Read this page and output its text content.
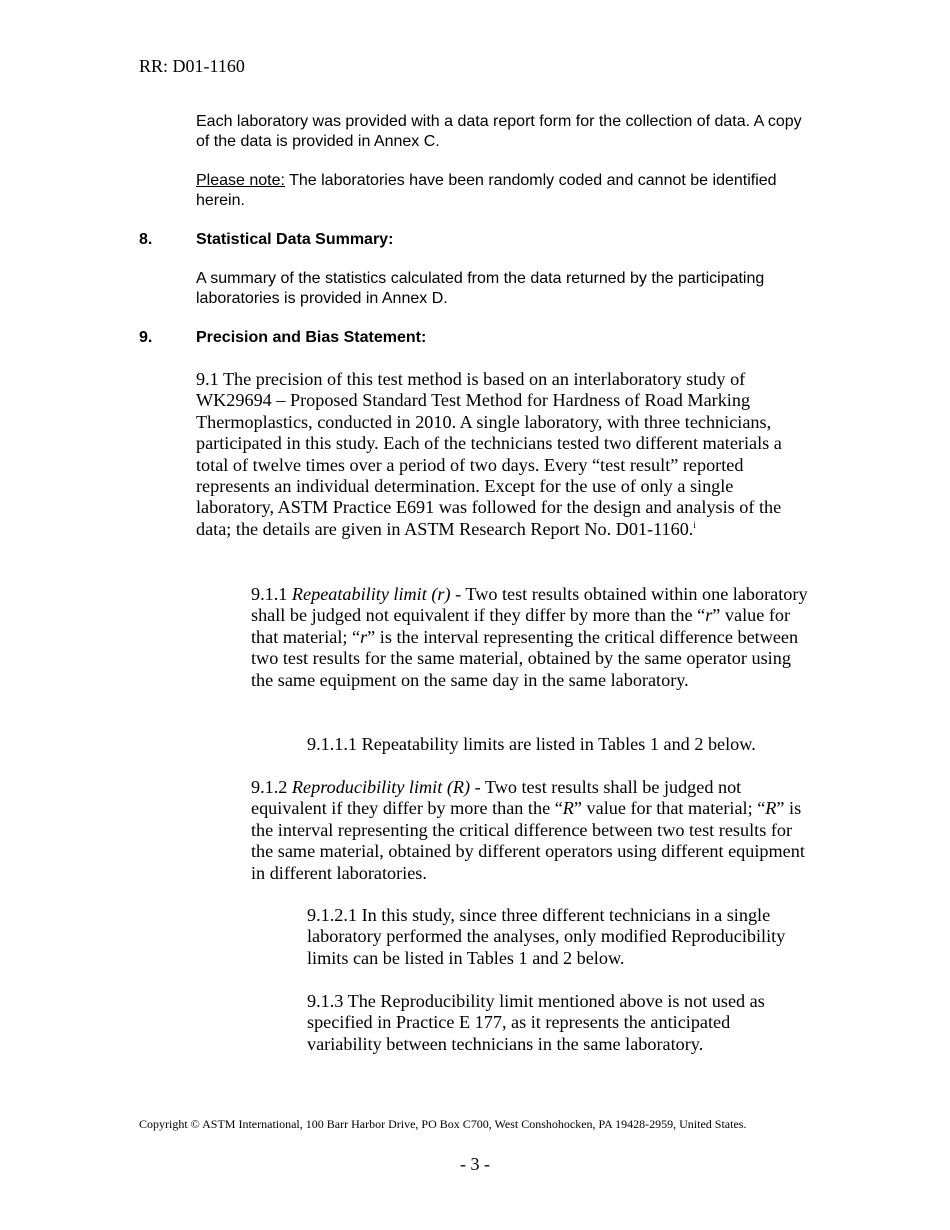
RR: D01-1160

Each laboratory was provided with a data report form for the collection of data. A copy of the data is provided in Annex C.

Please note: The laboratories have been randomly coded and cannot be identified herein.

8.	Statistical Data Summary:

A summary of the statistics calculated from the data returned by the participating laboratories is provided in Annex D.

9.	Precision and Bias Statement:

9.1 The precision of this test method is based on an interlaboratory study of WK29694 – Proposed Standard Test Method for Hardness of Road Marking Thermoplastics, conducted in 2010. A single laboratory, with three technicians, participated in this study. Each of the technicians tested two different materials a total of twelve times over a period of two days. Every “test result” reported represents an individual determination. Except for the use of only a single laboratory, ASTM Practice E691 was followed for the design and analysis of the data; the details are given in ASTM Research Report No. D01-1160.$^i$

9.1.1 Repeatability limit (r) - Two test results obtained within one laboratory shall be judged not equivalent if they differ by more than the “r” value for that material; “r” is the interval representing the critical difference between two test results for the same material, obtained by the same operator using the same equipment on the same day in the same laboratory.

9.1.1.1 Repeatability limits are listed in Tables 1 and 2 below.

9.1.2 Reproducibility limit (R) - Two test results shall be judged not equivalent if they differ by more than the “R” value for that material; “R” is the interval representing the critical difference between two test results for the same material, obtained by different operators using different equipment in different laboratories.

9.1.2.1 In this study, since three different technicians in a single laboratory performed the analyses, only modified Reproducibility limits can be listed in Tables 1 and 2 below.

9.1.3 The Reproducibility limit mentioned above is not used as specified in Practice E 177, as it represents the anticipated variability between technicians in the same laboratory.

Copyright © ASTM International, 100 Barr Harbor Drive, PO Box C700, West Conshohocken, PA 19428-2959, United States.
- 3 -
